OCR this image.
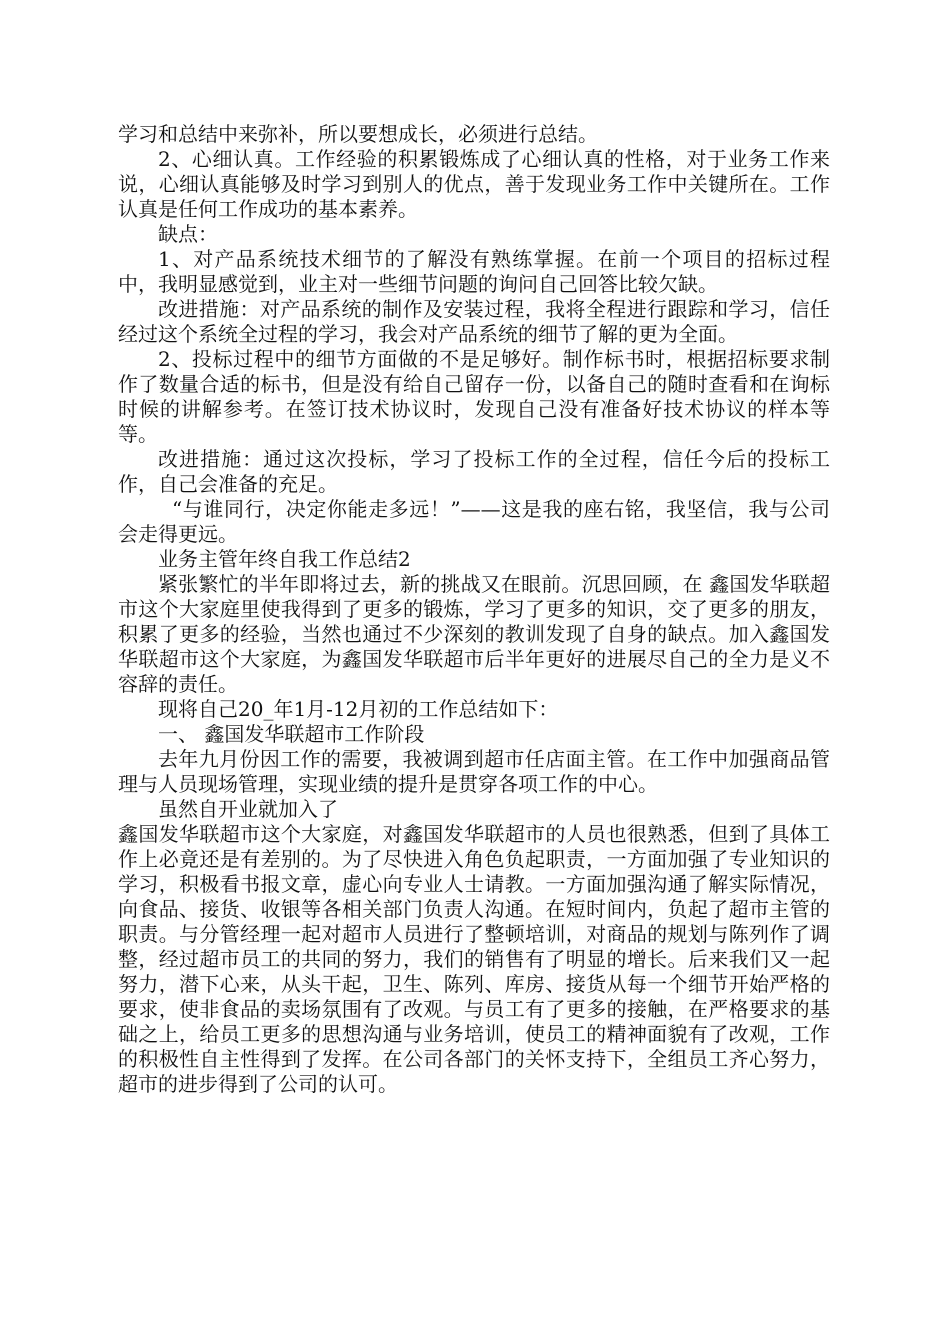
学习和总结中来弥补，所以要想成长，必须进行总结。

2、心细认真。工作经验的积累锻炼成了心细认真的性格，对于业务工作来说，心细认真能够及时学习到别人的优点，善于发现业务工作中关键所在。工作认真是任何工作成功的基本素养。

缺点：

1、对产品系统技术细节的了解没有熟练掌握。在前一个项目的招标过程中，我明显感觉到，业主对一些细节问题的询问自己回答比较欠缺。

改进措施：对产品系统的制作及安装过程，我将全程进行跟踪和学习，信任经过这个系统全过程的学习，我会对产品系统的细节了解的更为全面。

2、投标过程中的细节方面做的不是足够好。制作标书时，根据招标要求制作了数量合适的标书，但是没有给自己留存一份，以备自己的随时查看和在询标时候的讲解参考。在签订技术协议时，发现自己没有准备好技术协议的样本等等。

改进措施：通过这次投标，学习了投标工作的全过程，信任今后的投标工作，自己会准备的充足。

“与谁同行，决定你能走多远！”——这是我的座右铭，我坚信，我与公司会走得更远。

业务主管年终自我工作总结2

紧张繁忙的半年即将过去，新的挑战又在眼前。沉思回顾，在 鑫国发华联超市这个大家庭里使我得到了更多的锻炼，学习了更多的知识，交了更多的朋友，积累了更多的经验，当然也通过不少深刻的教训发现了自身的缺点。加入鑫国发华联超市这个大家庭，为鑫国发华联超市后半年更好的进展尽自己的全力是义不容辞的责任。

现将自己20_年1月-12月初的工作总结如下：

一、 鑫国发华联超市工作阶段

去年九月份因工作的需要，我被调到超市任店面主管。在工作中加强商品管理与人员现场管理，实现业绩的提升是贯穿各项工作的中心。

虽然自开业就加入了

鑫国发华联超市这个大家庭，对鑫国发华联超市的人员也很熟悉，但到了具体工作上必竟还是有差别的。为了尽快进入角色负起职责，一方面加强了专业知识的学习，积极看书报文章，虚心向专业人士请教。一方面加强沟通了解实际情况，向食品、接货、收银等各相关部门负责人沟通。在短时间内，负起了超市主管的职责。与分管经理一起对超市人员进行了整顿培训，对商品的规划与陈列作了调整，经过超市员工的共同的努力，我们的销售有了明显的增长。后来我们又一起努力，潜下心来，从头干起，卫生、陈列、库房、接货从每一个细节开始严格的要求，使非食品的卖场氛围有了改观。与员工有了更多的接触，在严格要求的基础之上，给员工更多的思想沟通与业务培训，使员工的精神面貌有了改观，工作的积极性自主性得到了发挥。在公司各部门的关怀支持下，全组员工齐心努力，超市的进步得到了公司的认可。
